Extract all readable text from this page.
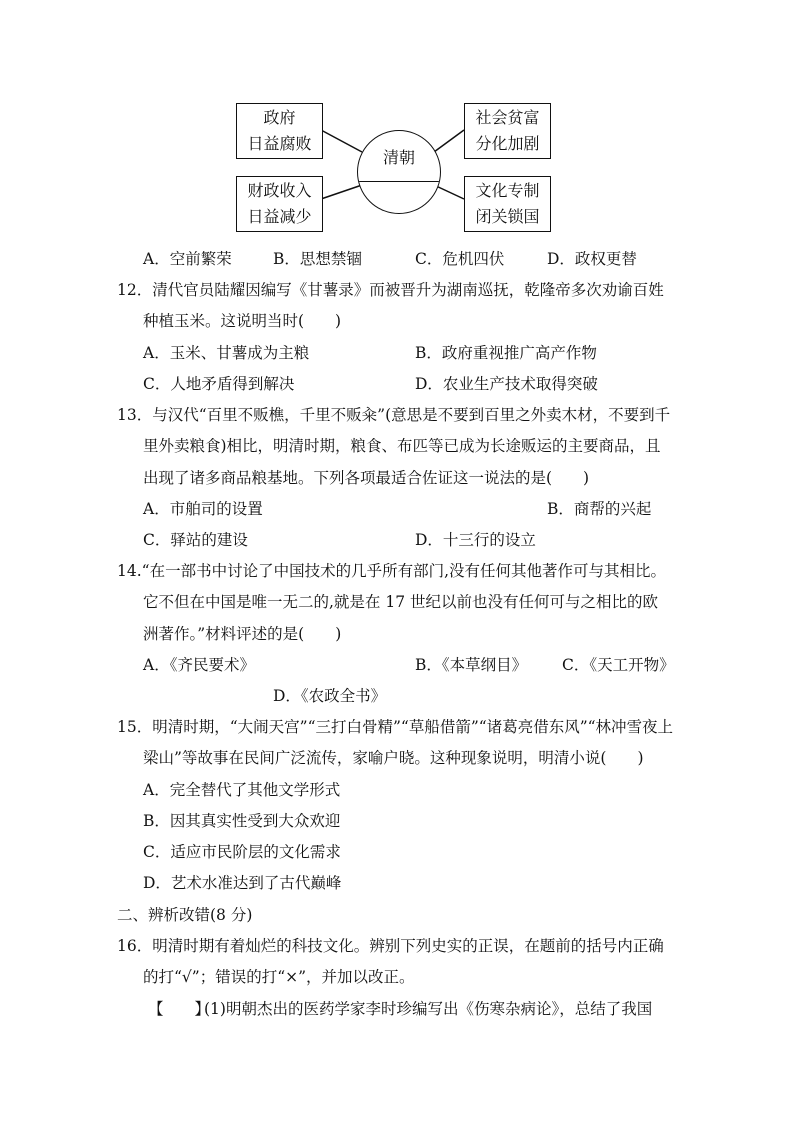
政府
日益腐败
财政收入
日益减少
社会贫富
分化加剧
文化专制
闭关锁国
清朝
A．空前繁荣	B．思想禁锢	C．危机四伏	D．政权更替
12．清代官员陆耀因编写《甘薯录》而被晋升为湖南巡抚，乾隆帝多次劝谕百姓
种植玉米。这说明当时(　　)
A．玉米、甘薯成为主粮	B．政府重视推广高产作物
C．人地矛盾得到解决	D．农业生产技术取得突破
13．与汉代“百里不贩樵，千里不贩籴”(意思是不要到百里之外卖木材，不要到千
里外卖粮食)相比，明清时期，粮食、布匹等已成为长途贩运的主要商品，且
出现了诸多商品粮基地。下列各项最适合佐证这一说法的是(　　)
A．市舶司的设置	B．商帮的兴起
C．驿站的建设	D．十三行的设立
14.“在一部书中讨论了中国技术的几乎所有部门,没有任何其他著作可与其相比。
它不但在中国是唯一无二的,就是在 17 世纪以前也没有任何可与之相比的欧
洲著作。”材料评述的是(　　)
A．《齐民要术》	B．《本草纲目》 C．《天工开物》
D．《农政全书》
15．明清时期，“大闹天宫”“三打白骨精”“草船借箭”“诸葛亮借东风”“林冲雪夜上
梁山”等故事在民间广泛流传，家喻户晓。这种现象说明，明清小说(　　)
A．完全替代了其他文学形式
B．因其真实性受到大众欢迎
C．适应市民阶层的文化需求
D．艺术水准达到了古代巅峰
二、辨析改错(8 分)
16．明清时期有着灿烂的科技文化。辨别下列史实的正误，在题前的括号内正确
的打“√”；错误的打“×”，并加以改正。
【　　】
(1)明朝杰出的医药学家李时珍编写出《伤寒杂病论》，总结了我国
